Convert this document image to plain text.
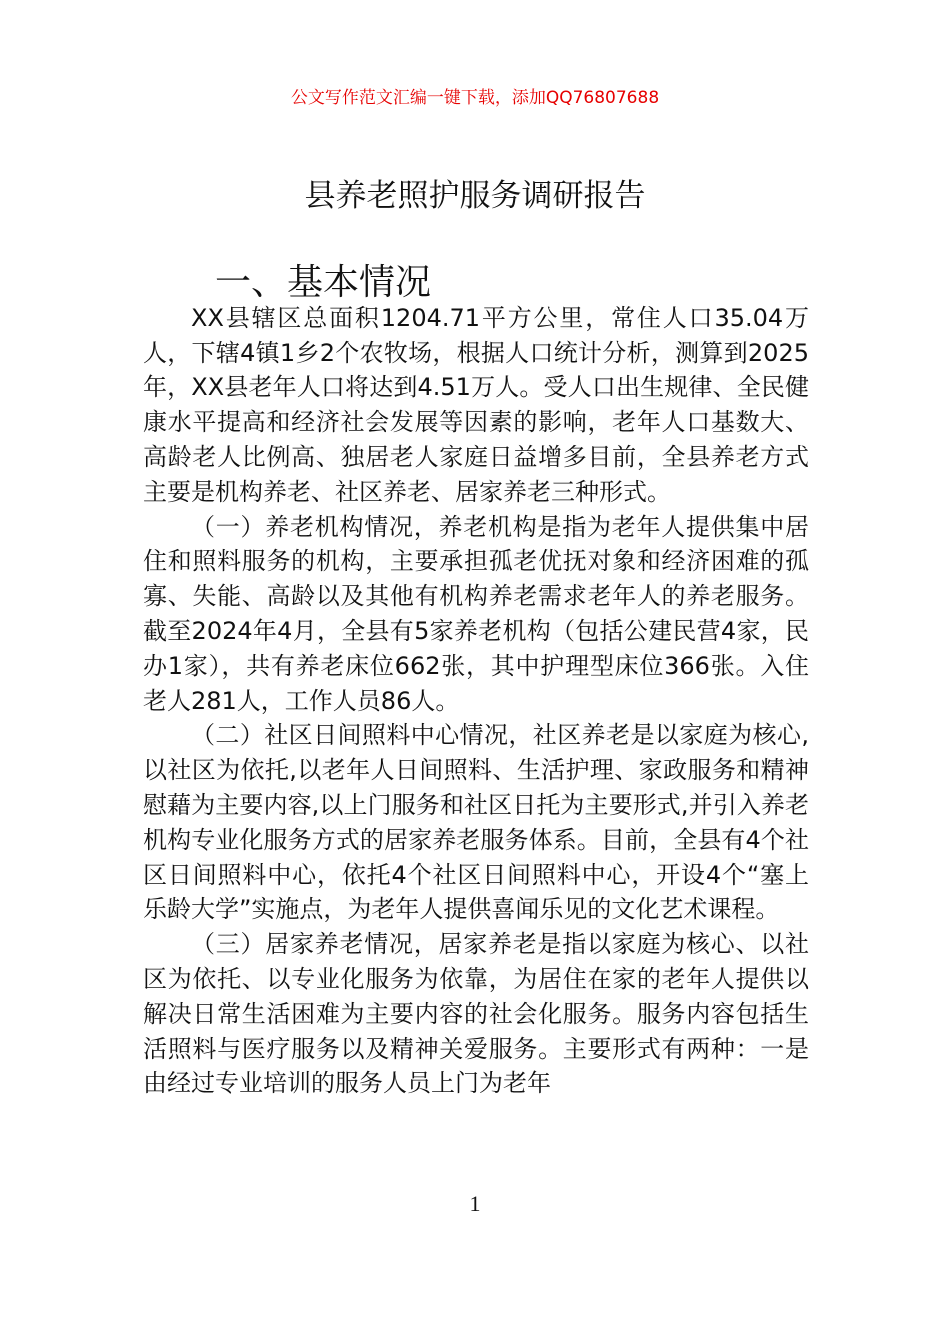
公文写作范文汇编一键下载，添加QQ76807688
县养老照护服务调研报告
一、基本情况

XX县辖区总面积1204.71平方公里，常住人口35.04万人，下辖4镇1乡2个农牧场，根据人口统计分析，测算到2025年，XX县老年人口将达到4.51万人。受人口出生规律、全民健康水平提高和经济社会发展等因素的影响，老年人口基数大、高龄老人比例高、独居老人家庭日益增多目前，全县养老方式主要是机构养老、社区养老、居家养老三种形式。

（一）养老机构情况，养老机构是指为老年人提供集中居住和照料服务的机构，主要承担孤老优抚对象和经济困难的孤寡、失能、高龄以及其他有机构养老需求老年人的养老服务。截至2024年4月，全县有5家养老机构（包括公建民营4家，民办1家），共有养老床位662张，其中护理型床位366张。入住老人281人，工作人员86人。

（二）社区日间照料中心情况，社区养老是以家庭为核心,以社区为依托,以老年人日间照料、生活护理、家政服务和精神慰藉为主要内容,以上门服务和社区日托为主要形式,并引入养老机构专业化服务方式的居家养老服务体系。目前，全县有4个社区日间照料中心，依托4个社区日间照料中心，开设4个“塞上乐龄大学”实施点，为老年人提供喜闻乐见的文化艺术课程。

（三）居家养老情况，居家养老是指以家庭为核心、以社区为依托、以专业化服务为依靠，为居住在家的老年人提供以解决日常生活困难为主要内容的社会化服务。服务内容包括生活照料与医疗服务以及精神关爱服务。主要形式有两种：一是由经过专业培训的服务人员上门为老年

1
